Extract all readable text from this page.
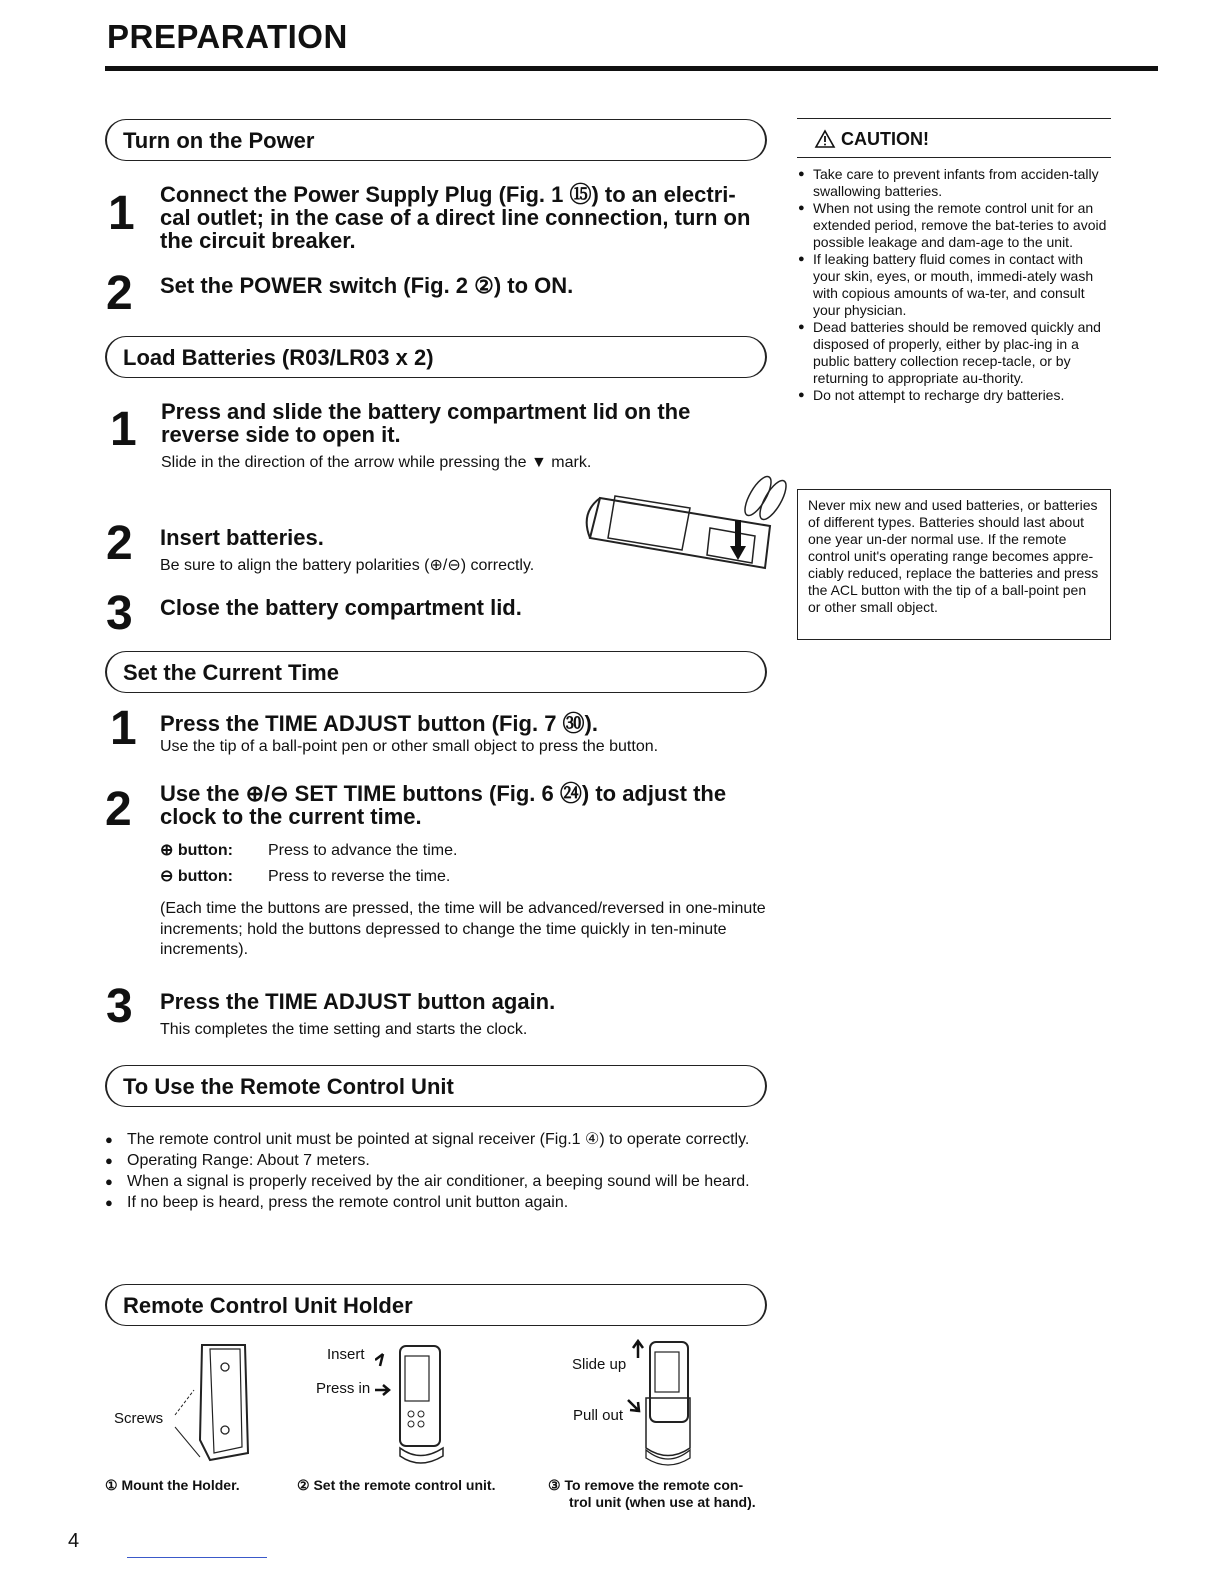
PREPARATION
Turn on the Power
1 Connect the Power Supply Plug (Fig. 1 ⑮) to an electri-cal outlet; in the case of a direct line connection, turn on the circuit breaker.
2 Set the POWER switch (Fig. 2 ②) to ON.
Load Batteries (R03/LR03 x 2)
1 Press and slide the battery compartment lid on the reverse side to open it.
Slide in the direction of the arrow while pressing the ▼ mark.
2 Insert batteries.
Be sure to align the battery polarities (⊕/⊖) correctly.
3 Close the battery compartment lid.
Set the Current Time
1 Press the TIME ADJUST button (Fig. 7 ㉚).
Use the tip of a ball-point pen or other small object to press the button.
2 Use the ⊕/⊖ SET TIME buttons (Fig. 6 ㉔) to adjust the clock to the current time.
⊕ button: Press to advance the time.
⊖ button: Press to reverse the time.
(Each time the buttons are pressed, the time will be advanced/reversed in one-minute increments; hold the buttons depressed to change the time quickly in ten-minute increments).
3 Press the TIME ADJUST button again.
This completes the time setting and starts the clock.
To Use the Remote Control Unit
● The remote control unit must be pointed at signal receiver (Fig.1 ④) to operate correctly.
● Operating Range: About 7 meters.
● When a signal is properly received by the air conditioner, a beeping sound will be heard.
● If no beep is heard, press the remote control unit button again.
Remote Control Unit Holder
Screws
Insert
Press in
Slide up
Pull out
① Mount the Holder.	② Set the remote control unit.	③ To remove the remote con-
trol unit (when use at hand).
CAUTION!

● Take care to prevent infants from acciden-tally swallowing batteries.

● When not using the remote control unit for an extended period, remove the bat-teries to avoid possible leakage and dam-age to the unit.

● If leaking battery fluid comes in contact with your skin, eyes, or mouth, immedi-ately wash with copious amounts of wa-ter, and consult your physician.

● Dead batteries should be removed quickly and disposed of properly, either by plac-ing in a public battery collection recep-tacle, or by returning to appropriate au-thority.

● Do not attempt to recharge dry batteries.

Never mix new and used batteries, or batteries of different types. Batteries should last about one year un-der normal use. If the remote control unit's operating range becomes appre-ciably reduced, replace the batteries and press the ACL button with the tip of a ball-point pen or other small object.
4
